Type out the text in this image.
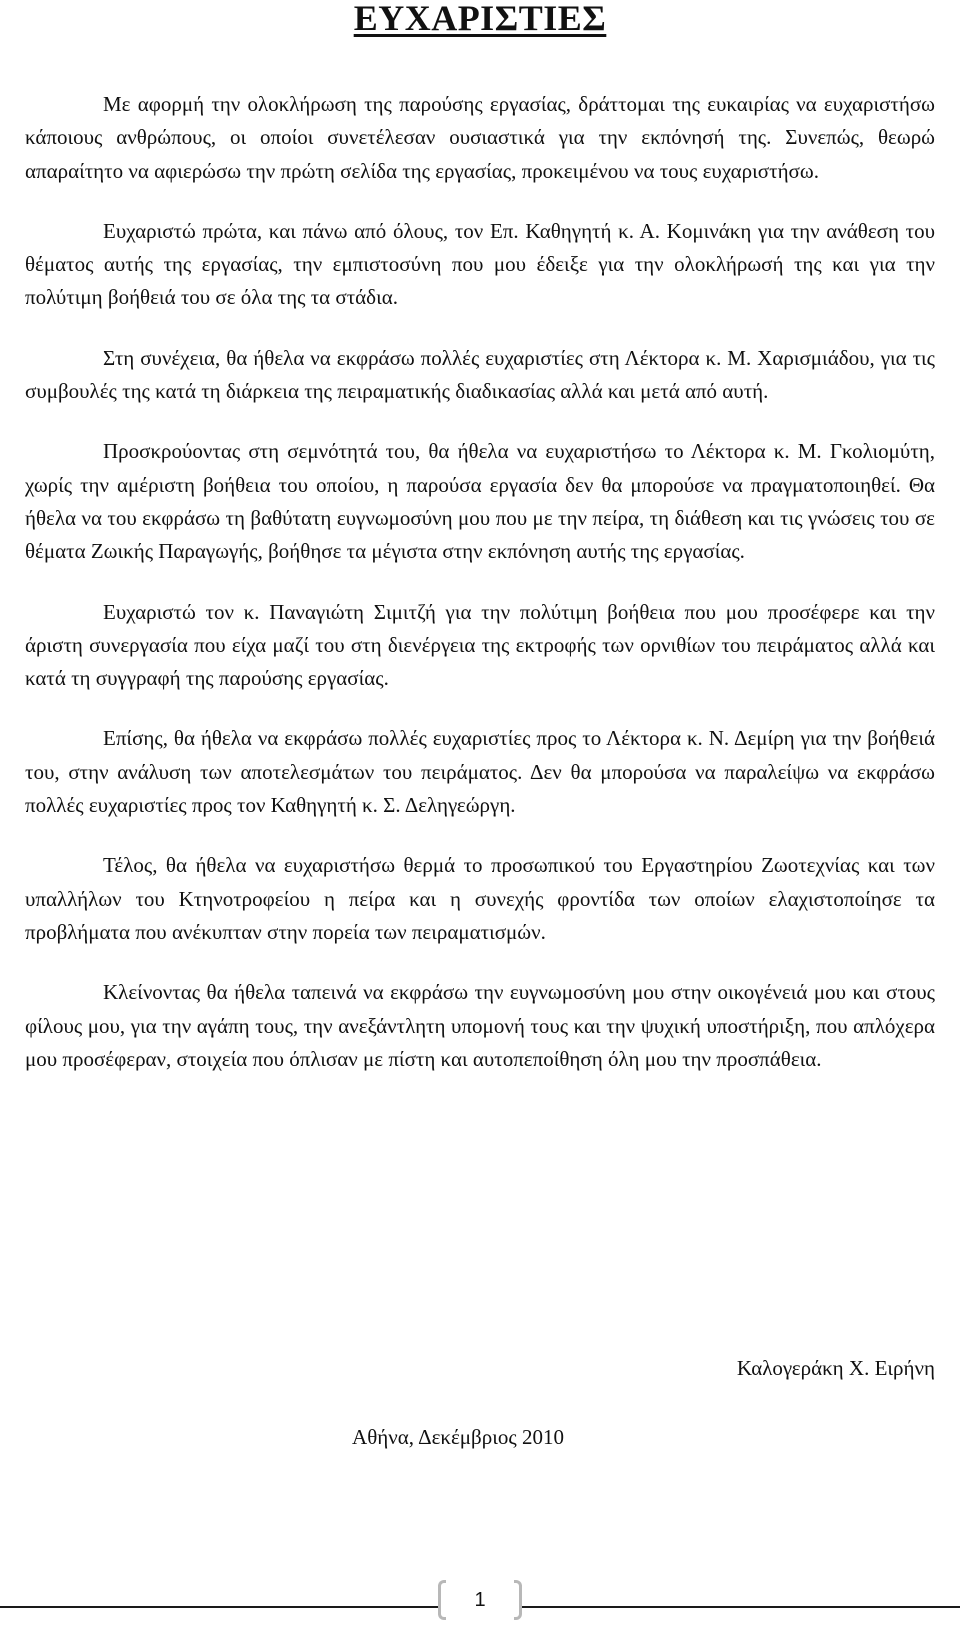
ΕΥΧΑΡΙΣΤΙΕΣ

Με αφορμή την ολοκλήρωση της παρούσης εργασίας, δράττομαι της ευκαιρίας να ευχαριστήσω κάποιους ανθρώπους, οι οποίοι συνετέλεσαν ουσιαστικά για την εκπόνησή της. Συνεπώς, θεωρώ απαραίτητο να αφιερώσω την πρώτη σελίδα της εργασίας, προκειμένου να τους ευχαριστήσω.

Ευχαριστώ πρώτα, και πάνω από όλους, τον Επ. Καθηγητή κ. Α. Κομινάκη για την ανάθεση του θέματος αυτής της εργασίας, την εμπιστοσύνη που μου έδειξε για την ολοκλήρωσή της και για την πολύτιμη βοήθειά του σε όλα της τα στάδια.

Στη συνέχεια, θα ήθελα να εκφράσω πολλές ευχαριστίες στη Λέκτορα κ. Μ. Χαρισμιάδου, για τις συμβουλές της κατά τη διάρκεια της πειραματικής διαδικασίας αλλά και μετά από αυτή.

Προσκρούοντας στη σεμνότητά του, θα ήθελα να ευχαριστήσω το Λέκτορα κ. Μ. Γκολιομύτη, χωρίς την αμέριστη βοήθεια του οποίου, η παρούσα εργασία δεν θα μπορούσε να πραγματοποιηθεί. Θα ήθελα να του εκφράσω τη βαθύτατη ευγνωμοσύνη μου που με την πείρα, τη διάθεση και τις γνώσεις του σε θέματα Ζωικής Παραγωγής, βοήθησε τα μέγιστα στην εκπόνηση αυτής της εργασίας.

Ευχαριστώ τον κ. Παναγιώτη Σιμιτζή για την πολύτιμη βοήθεια που μου προσέφερε και την άριστη συνεργασία που είχα μαζί του στη διενέργεια της εκτροφής των ορνιθίων του πειράματος αλλά και κατά τη συγγραφή της παρούσης εργασίας.

Επίσης, θα ήθελα να εκφράσω πολλές ευχαριστίες προς το Λέκτορα κ. Ν. Δεμίρη για την βοήθειά του, στην ανάλυση των αποτελεσμάτων του πειράματος. Δεν θα μπορούσα να παραλείψω να εκφράσω πολλές ευχαριστίες προς τον Καθηγητή κ. Σ. Δεληγεώργη.

Τέλος, θα ήθελα να ευχαριστήσω θερμά το προσωπικού του Εργαστηρίου Ζωοτεχνίας και των υπαλλήλων του Κτηνοτροφείου η πείρα και η συνεχής φροντίδα των οποίων ελαχιστοποίησε τα προβλήματα που ανέκυπταν στην πορεία των πειραματισμών.

Κλείνοντας θα ήθελα ταπεινά να εκφράσω την ευγνωμοσύνη μου στην οικογένειά μου και στους φίλους μου, για την αγάπη τους, την ανεξάντλητη υπομονή τους και την ψυχική υποστήριξη, που απλόχερα μου προσέφεραν, στοιχεία που όπλισαν με πίστη και αυτοπεποίθηση όλη μου την προσπάθεια.

Καλογεράκη Χ. Ειρήνη

Αθήνα, Δεκέμβριος 2010

1
